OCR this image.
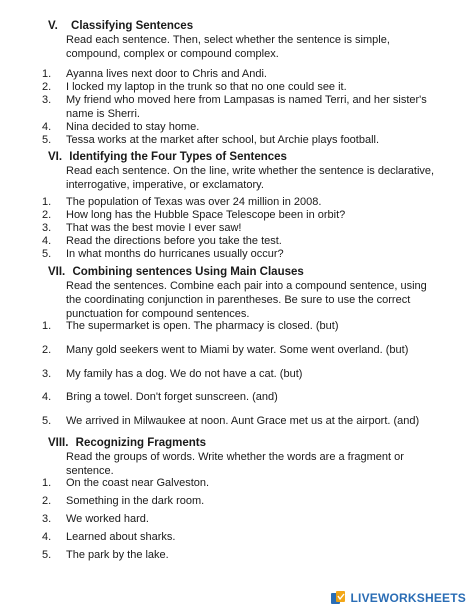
V. Classifying Sentences
Read each sentence. Then, select whether the sentence is simple, compound, complex or compound complex.
1.	Ayanna lives next door to Chris and Andi.
2.	I locked my laptop in the trunk so that no one could see it.
3.	My friend who moved here from Lampasas is named Terri, and her sister's name is Sherri.
4.	Nina decided to stay home.
5.	Tessa works at the market after school, but Archie plays football.
VI. Identifying the Four Types of Sentences
Read each sentence. On the line, write whether the sentence is declarative, interrogative, imperative, or exclamatory.
1.	The population of Texas was over 24 million in 2008.
2.	How long has the Hubble Space Telescope been in orbit?
3.	That was the best movie I ever saw!
4.	Read the directions before you take the test.
5.	In what months do hurricanes usually occur?
VII. Combining sentences Using Main Clauses
Read the sentences. Combine each pair into a compound sentence, using the coordinating conjunction in parentheses. Be sure to use the correct punctuation for compound sentences.
1.	The supermarket is open. The pharmacy is closed. (but)
2.	Many gold seekers went to Miami by water. Some went overland. (but)
3.	My family has a dog. We do not have a cat. (but)
4.	Bring a towel. Don't forget sunscreen. (and)
5.	We arrived in Milwaukee at noon. Aunt Grace met us at the airport. (and)
VIII. Recognizing Fragments
Read the groups of words. Write whether the words are a fragment or sentence.
1.	On the coast near Galveston.
2.	Something in the dark room.
3.	We worked hard.
4.	Learned about sharks.
5.	The park by the lake.
LIVEWORKSHEETS
